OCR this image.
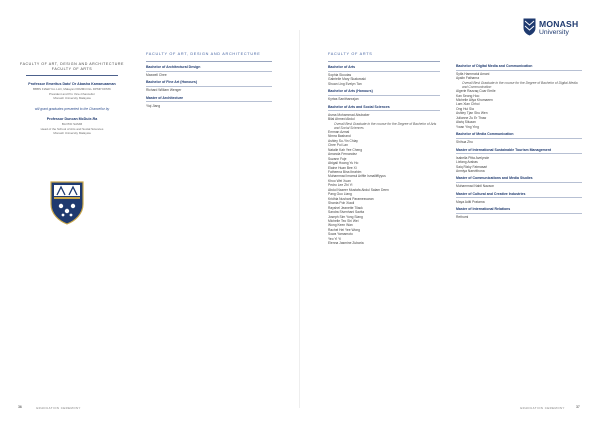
MONASH
University
FACULTY OF ART, DESIGN AND ARCHITECTURE
FACULTY OF ARTS
Professor Emeritus Dato' Dr Abasha Kamaruzaman
BBBS FIAEP fco LLD, Malayan PAMMCOLL DPMP DPMK
President and Pro Vice-Chancellor
Monash University Malaysia
will grant graduates presented to the Chancellor by
Professor Duncan McDuie-Ra
BA PhD SAMM
Head of the School of Arts and Social Sciences
Monash University Malaysia
FACULTY OF ART, DESIGN AND ARCHITECTURE
Bachelor of Architectural Design
Maxwell Chee
Bachelor of Fine Art (Honours)
Richard William Wenger
Master of Architecture
Yiqi Jiang
FACULTY OF ARTS
Bachelor of Arts
Sophia Skoutas
Gabrielle Mary Skakowski
Shuan Ling Evelyn Tan
Bachelor of Arts (Honours)
Kyrtas Sanithanrajan
Bachelor of Arts and Social Sciences
Asma Mohammad Abubaker
Bilal Ahmed Abdul
Overall Best Graduate in the course for the Degree of Bachelor of Arts and Social Sciences
Emman Azmal
Nimra Bashand
Ashley Su-Yin Chiay
Chee Pui Lan
Natalie Kah Yee Cheng
Amanda Fernandez
Suzann Fuje
Abigail Hoang Yu Ho
Elaine Huan Bee Xi
Fatheena Bina Ibrahim
Muhammad Imamul Ariffie Ismailiffiyyus
Khoo Wei Xuan
Pedro Lee Zhi Yi
Abdul Nazeer Mustafa Abdul Salam Deen
Pang Guo Liang
Kridhia Nushani Paramesvaran
Shanta Poh Xiaoli
Rayshel Jeanette Tilack
Sandra Sivenhani Savita
Joseph Sim Yong Siang
Michelle Teo Shi Wei
Wong Keen Wan
Rachel Hei Yee Wong
Sowa Yamamoto
Yeo Yi Yi
Elenna Jasmine Zubaria
Bachelor of Digital Media and Communication
Syifa Hammatul Amani
Ayalin Fatharna
Overall Best Graduate in the course for the Degree of Bachelor of Digital Media and Communication
Algerie Razzaq Coar Emile
Kan Seong Hoo
Michelle Aliya Khumaeen
Lam Xian Chhoi
Ong Hui Sia
Ashley Tjan Shu Wen
Julianne Zu Er Thaw
Alwiq Siluaan
Ywan Ying Ying
Bachelor of Media Communication
Shihua Zhu
Master of International Sustainable Tourism Management
Isabella Pitta Avelynde
Lixfang Arabas
Saiq Rizky Fatmasari
Anmiya Naevithona
Master of Communications and Media Studies
Muhammad Nabil Nazaon
Master of Cultural and Creative Industries
Maya Aditi Pratama
Master of International Relations
Rethumi
36	GRADUATION CEREMONY	GRADUATION CEREMONY	37
